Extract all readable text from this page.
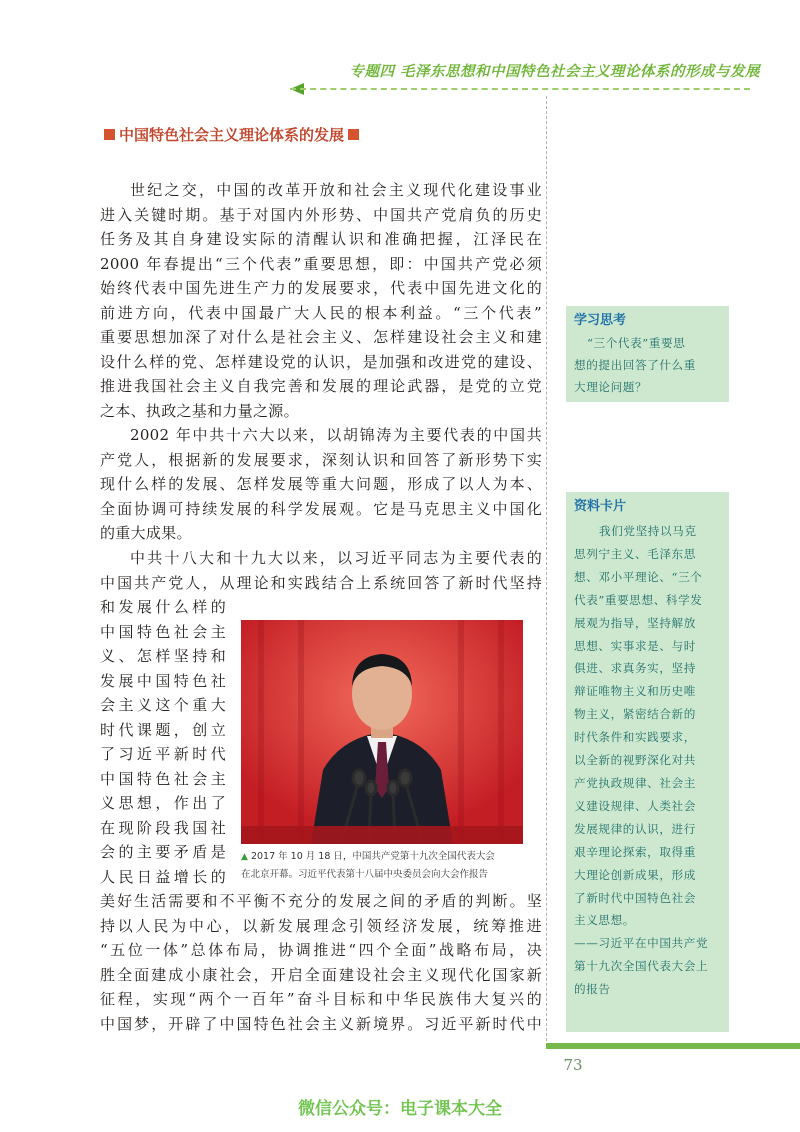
专题四 毛泽东思想和中国特色社会主义理论体系的形成与发展
中国特色社会主义理论体系的发展
世纪之交，中国的改革开放和社会主义现代化建设事业
进入关键时期。基于对国内外形势、中国共产党肩负的历史
任务及其自身建设实际的清醒认识和准确把握，江泽民在
2000 年春提出“三个代表”重要思想，即：中国共产党必须
始终代表中国先进生产力的发展要求，代表中国先进文化的
前进方向，代表中国最广大人民的根本利益。“三个代表”
重要思想加深了对什么是社会主义、怎样建设社会主义和建
设什么样的党、怎样建设党的认识，是加强和改进党的建设、
推进我国社会主义自我完善和发展的理论武器，是党的立党
之本、执政之基和力量之源。
2002 年中共十六大以来，以胡锦涛为主要代表的中国共
产党人，根据新的发展要求，深刻认识和回答了新形势下实
现什么样的发展、怎样发展等重大问题，形成了以人为本、
全面协调可持续发展的科学发展观。它是马克思主义中国化
的重大成果。
中共十八大和十九大以来，以习近平同志为主要代表的
中国共产党人，从理论和实践结合上系统回答了新时代坚持
和发展什么样的
中国特色社会主
义、怎样坚持和
发展中国特色社
会主义这个重大
时代课题，创立
了习近平新时代
中国特色社会主
义思想，作出了
在现阶段我国社
会的主要矛盾是
人民日益增长的
美好生活需要和不平衡不充分的发展之间的矛盾的判断。坚
持以人民为中心，以新发展理念引领经济发展，统筹推进
“五位一体”总体布局，协调推进“四个全面”战略布局，决
胜全面建成小康社会，开启全面建设社会主义现代化国家新
征程，实现“两个一百年”奋斗目标和中华民族伟大复兴的
中国梦，开辟了中国特色社会主义新境界。习近平新时代中
▲ 2017 年 10 月 18 日，中国共产党第十九次全国代表大会
在北京开幕。习近平代表第十八届中央委员会向大会作报告
学习思考
“三个代表”重要思
想的提出回答了什么重
大理论问题？
资料卡片
我们党坚持以马克
思列宁主义、毛泽东思
想、邓小平理论、“三个
代表”重要思想、科学发
展观为指导，坚持解放
思想、实事求是、与时
俱进、求真务实，坚持
辩证唯物主义和历史唯
物主义，紧密结合新的
时代条件和实践要求，
以全新的视野深化对共
产党执政规律、社会主
义建设规律、人类社会
发展规律的认识，进行
艰辛理论探索，取得重
大理论创新成果，形成
了新时代中国特色社会
主义思想。
——习近平在中国共产党
第十九次全国代表大会上
的报告
73
微信公众号：电子课本大全
